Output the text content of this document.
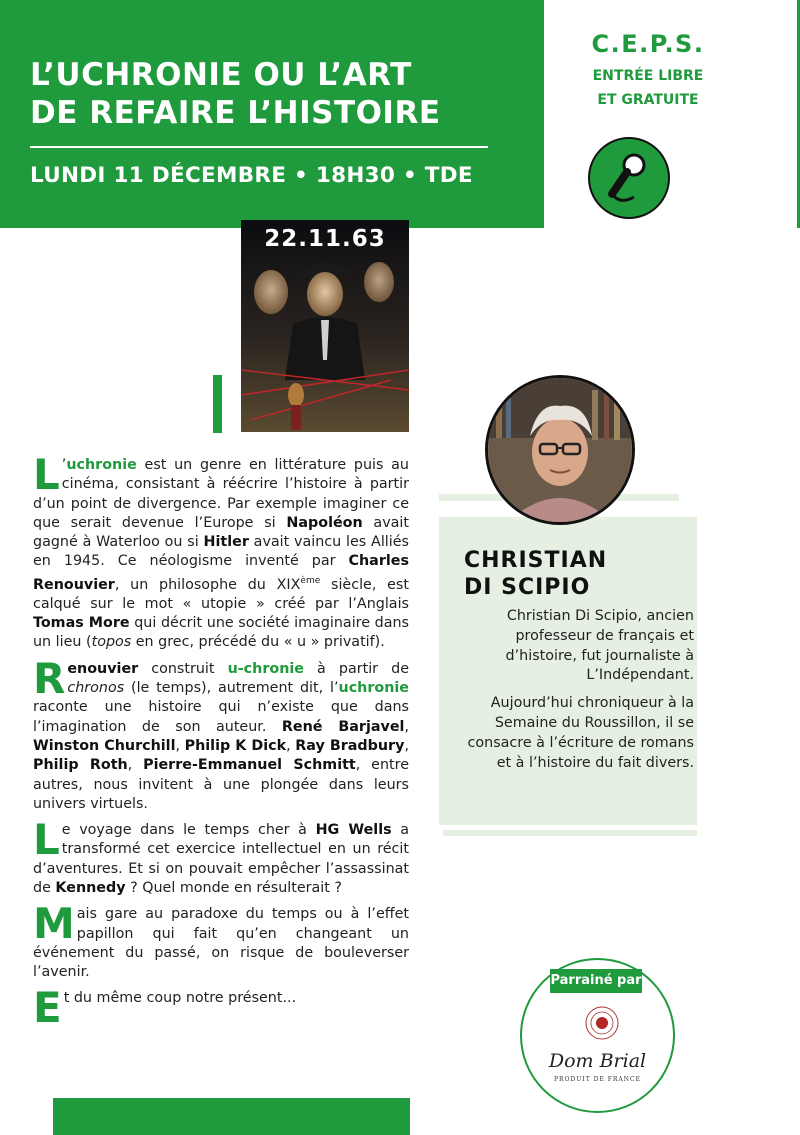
L’UCHRONIE OU L’ART
DE REFAIRE L’HISTOIRE
LUNDI 11 DÉCEMBRE • 18H30 • TDE
C.E.P.S.
ENTRÉE LIBRE
ET GRATUITE
22.11.63

L ’uchronie est un genre en littérature puis au cinéma, consistant à réécrire l’histoire à partir d’un point de divergence. Par exemple imaginer ce que serait devenue l’Europe si Napoléon avait gagné à Waterloo ou si Hitler avait vaincu les Alliés en 1945. Ce néologisme inventé par Charles Renouvier, un philosophe du XIXème siècle, est calqué sur le mot « utopie » créé par l’Anglais Tomas More qui décrit une société imaginaire dans un lieu (topos en grec, précédé du « u » privatif).

Renouvier construit u-chronie à partir de chronos (le temps), autrement dit, l’uchronie raconte une histoire qui n’existe que dans l’imagination de son auteur. René Barjavel, Winston Churchill, Philip K Dick, Ray Bradbury, Philip Roth, Pierre-Emmanuel Schmitt, entre autres, nous invitent à une plongée dans leurs univers virtuels.

Le voyage dans le temps cher à HG Wells a transformé cet exercice intellectuel en un récit d’aventures. Et si on pouvait empêcher l’assassinat de Kennedy ? Quel monde en résulterait ?

Mais gare au paradoxe du temps ou à l’effet papillon qui fait qu’en changeant un événement du passé, on risque de bouleverser l’avenir.

Et du même coup notre présent...

CHRISTIAN
DI SCIPIO

Christian Di Scipio, ancien professeur de français et d’histoire, fut journaliste à L’Indépendant.

Aujourd’hui chroniqueur à la Semaine du Roussillon, il se consacre à l’écriture de romans et à l’histoire du fait divers.

Parrainé par
Dom Brial
PRODUIT DE FRANCE
